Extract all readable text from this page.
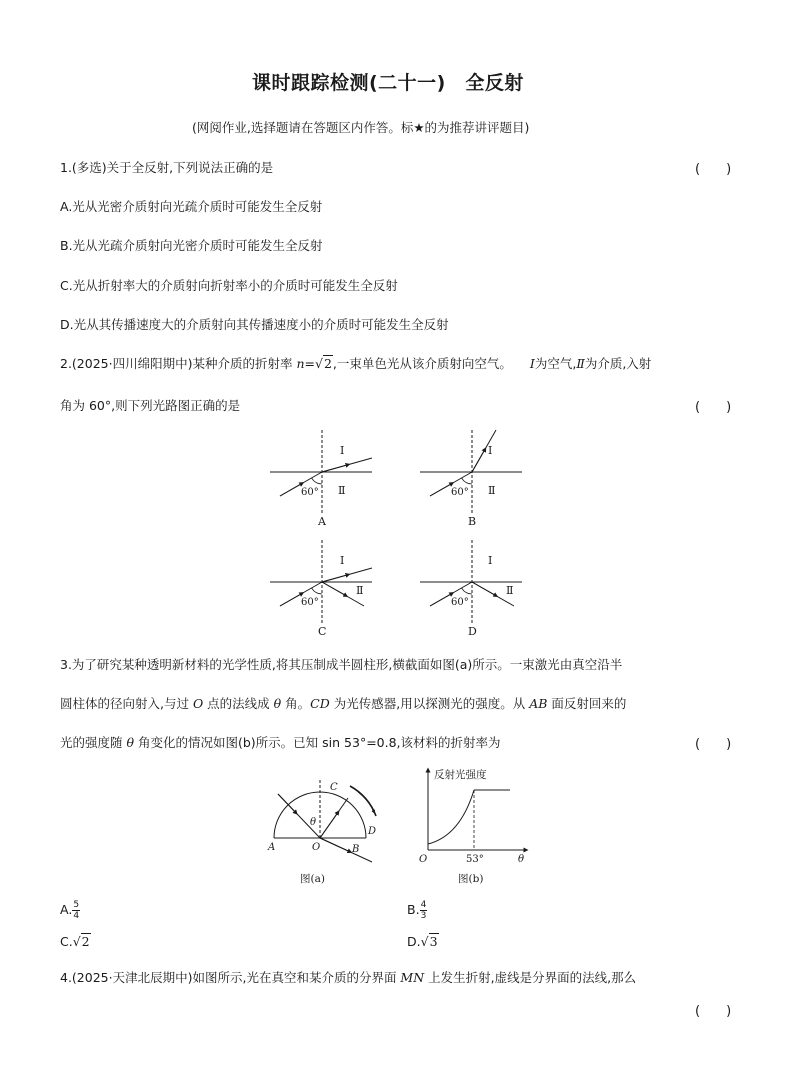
课时跟踪检测(二十一)　全反射
(网阅作业,选择题请在答题区内作答。标★的为推荐讲评题目)
1.(多选)关于全反射,下列说法正确的是	(　　)
A.光从光密介质射向光疏介质时可能发生全反射
B.光从光疏介质射向光密介质时可能发生全反射
C.光从折射率大的介质射向折射率小的介质时可能发生全反射
D.光从其传播速度大的介质射向其传播速度小的介质时可能发生全反射
2.(2025·四川绵阳期中)某种介质的折射率 n=√2,一束单色光从该介质射向空气。 Ⅰ为空气,Ⅱ为介质,入射
角为 60°,则下列光路图正确的是	(　　)
60°
Ⅰ
Ⅱ
A
60°
Ⅰ
Ⅱ
B
60°
Ⅰ
Ⅱ
C
60°
Ⅰ
Ⅱ
D
3.为了研究某种透明新材料的光学性质,将其压制成半圆柱形,横截面如图(a)所示。一束激光由真空沿半
圆柱体的径向射入,与过 O 点的法线成 θ 角。CD 为光传感器,用以探测光的强度。从 AB 面反射回来的
光的强度随 θ 角变化的情况如图(b)所示。已知 sin 53°=0.8,该材料的折射率为	(　　)
θ
A	O	B
C
D
图(a)
反射光强度
O	53°	θ
图(b)
A. $\frac{5}{4}$	B. $\frac{4}{3}$
C.√2	D.√3
4.(2025·天津北辰期中)如图所示,光在真空和某介质的分界面 MN 上发生折射,虚线是分界面的法线,那么
(　　)
